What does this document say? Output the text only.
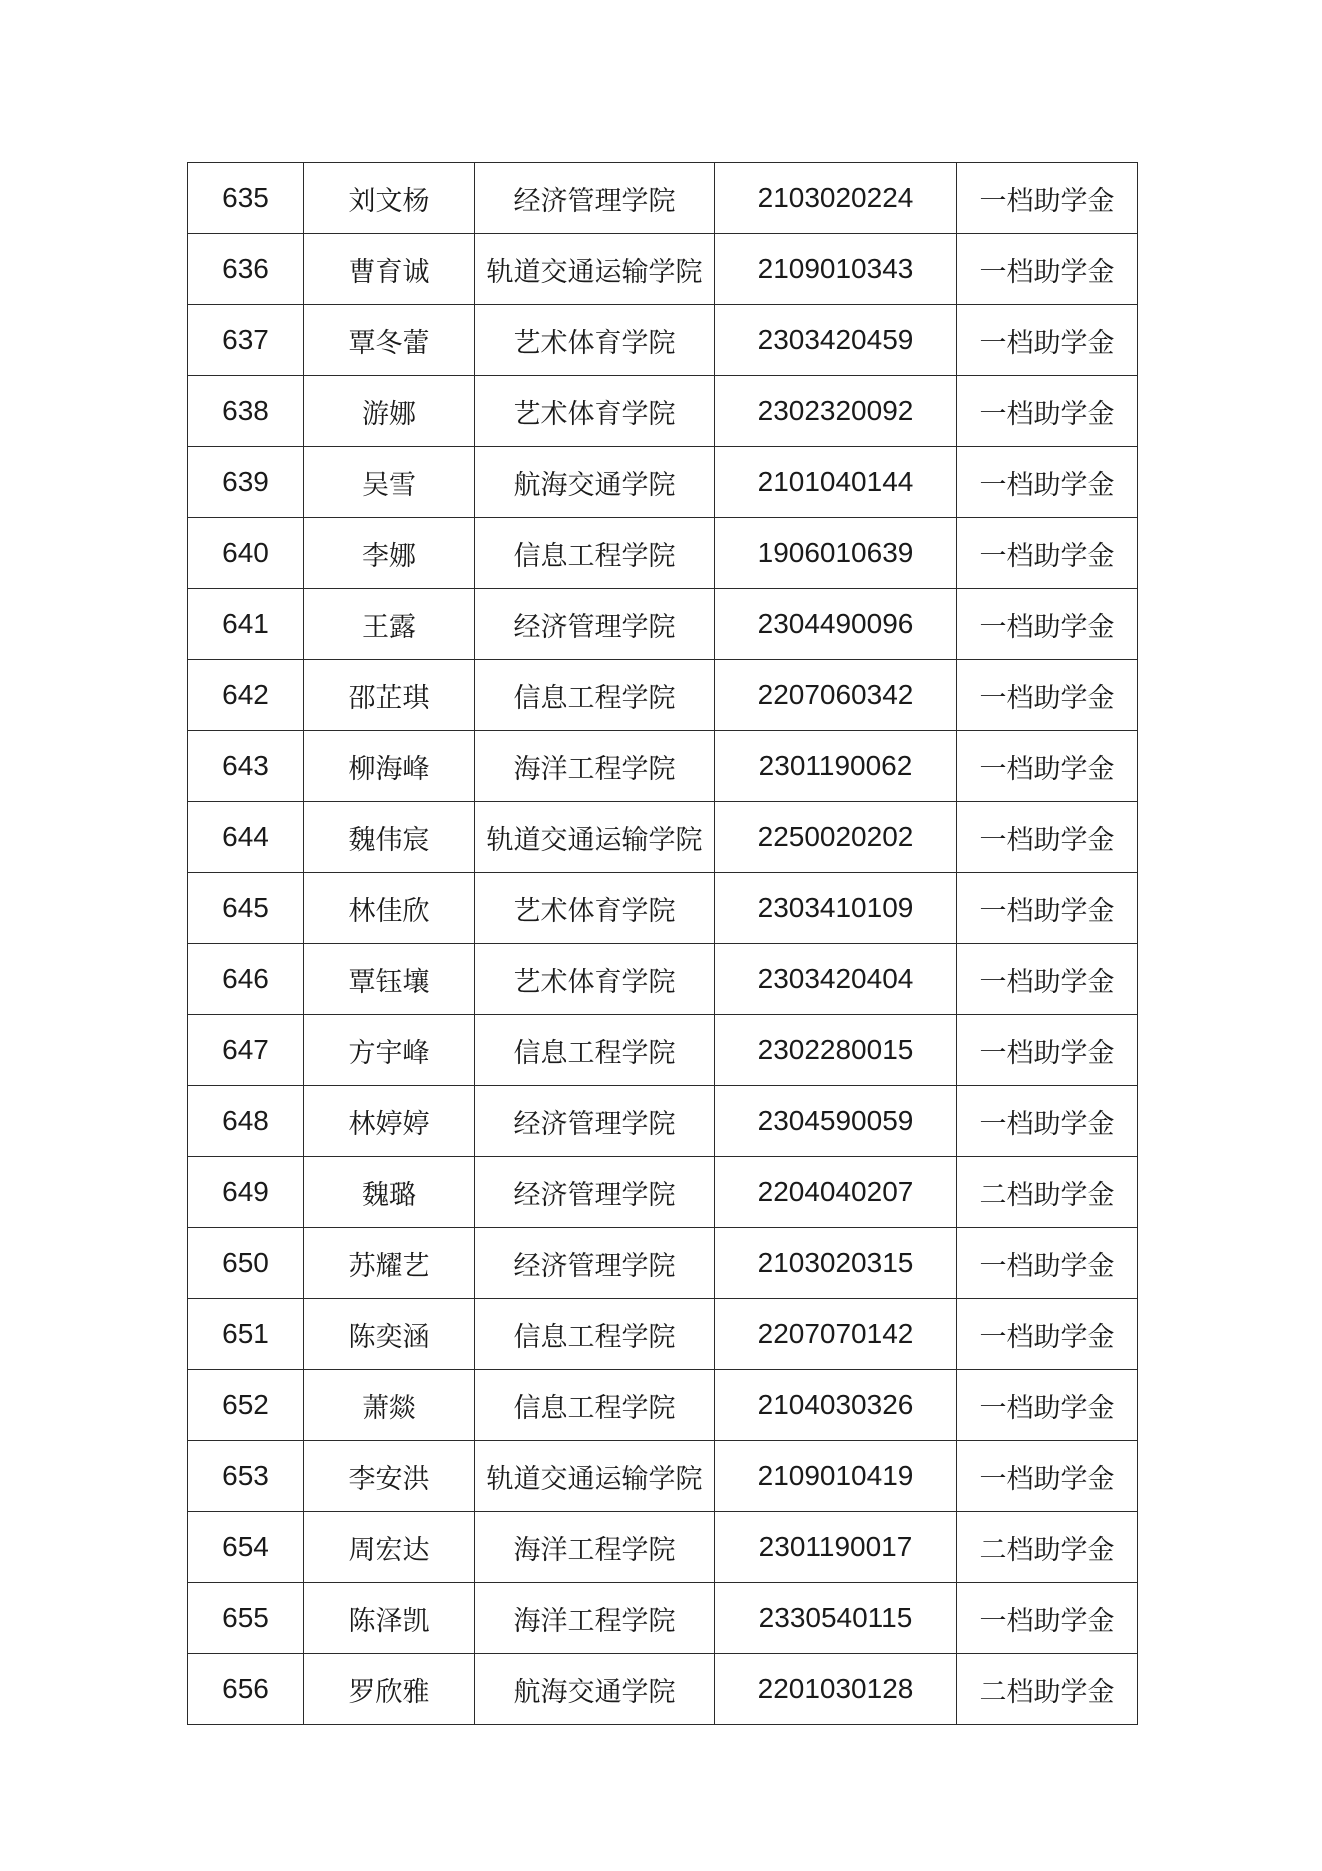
635	刘文杨	经济管理学院	2103020224	一档助学金
636	曹育诚	轨道交通运输学院	2109010343	一档助学金
637	覃冬蕾	艺术体育学院	2303420459	一档助学金
638	游娜	艺术体育学院	2302320092	一档助学金
639	吴雪	航海交通学院	2101040144	一档助学金
640	李娜	信息工程学院	1906010639	一档助学金
641	王露	经济管理学院	2304490096	一档助学金
642	邵芷琪	信息工程学院	2207060342	一档助学金
643	柳海峰	海洋工程学院	2301190062	一档助学金
644	魏伟宸	轨道交通运输学院	2250020202	一档助学金
645	林佳欣	艺术体育学院	2303410109	一档助学金
646	覃钰壤	艺术体育学院	2303420404	一档助学金
647	方宇峰	信息工程学院	2302280015	一档助学金
648	林婷婷	经济管理学院	2304590059	一档助学金
649	魏璐	经济管理学院	2204040207	二档助学金
650	苏耀艺	经济管理学院	2103020315	一档助学金
651	陈奕涵	信息工程学院	2207070142	一档助学金
652	萧燚	信息工程学院	2104030326	一档助学金
653	李安洪	轨道交通运输学院	2109010419	一档助学金
654	周宏达	海洋工程学院	2301190017	二档助学金
655	陈泽凯	海洋工程学院	2330540115	一档助学金
656	罗欣雅	航海交通学院	2201030128	二档助学金
